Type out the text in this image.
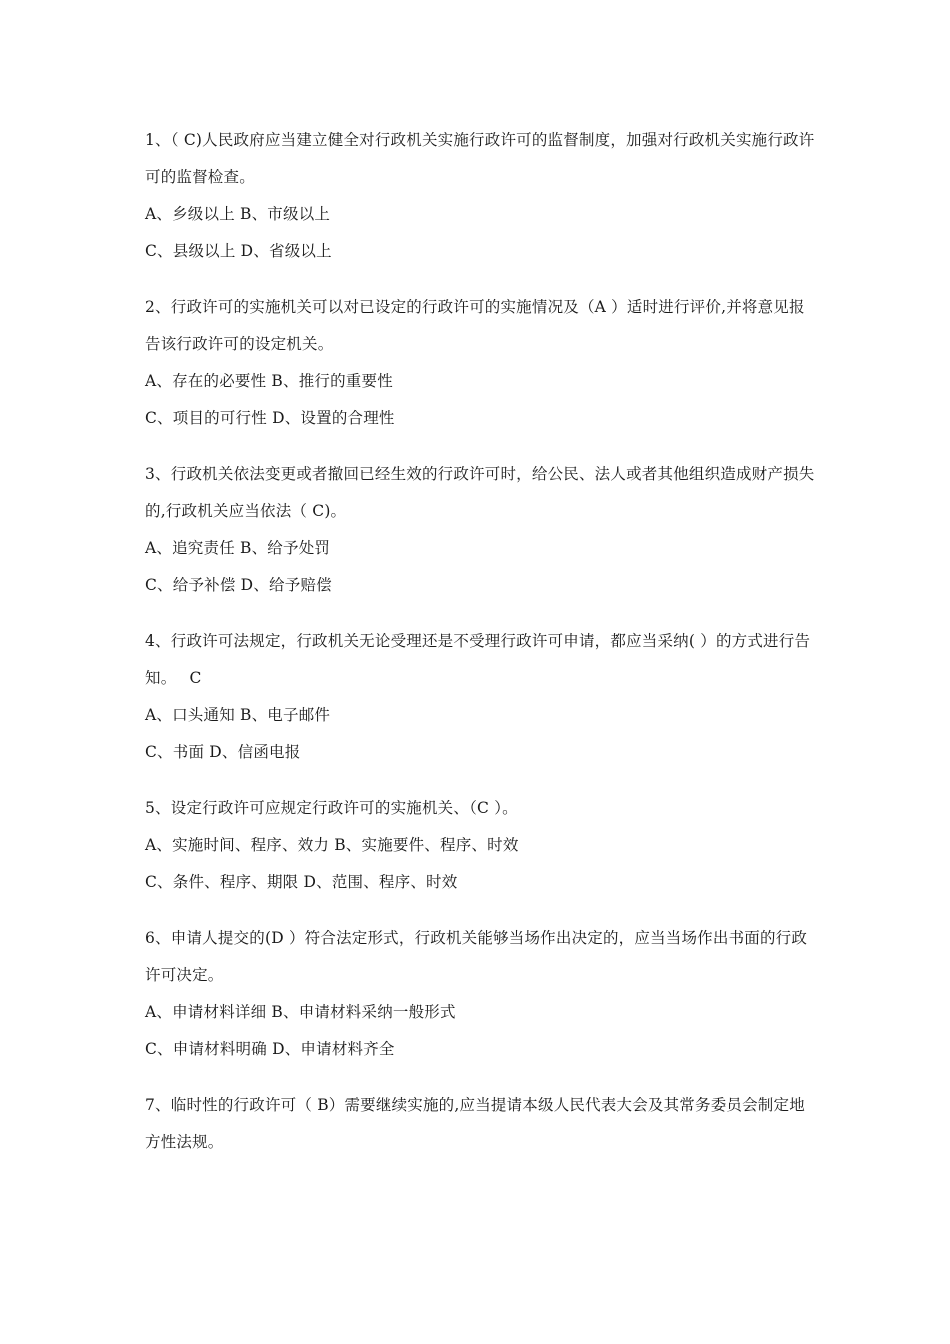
1、（ C)人民政府应当建立健全对行政机关实施行政许可的监督制度，加强对行政机关实施行政许可的监督检查。

A、乡级以上 B、市级以上

C、县级以上 D、省级以上

2、行政许可的实施机关可以对已设定的行政许可的实施情况及（A ）适时进行评价,并将意见报告该行政许可的设定机关。

A、存在的必要性 B、推行的重要性

C、项目的可行性 D、设置的合理性

3、行政机关依法变更或者撤回已经生效的行政许可时，给公民、法人或者其他组织造成财产损失的,行政机关应当依法（ C)。

A、追究责任 B、给予处罚

C、给予补偿 D、给予赔偿

4、行政许可法规定，行政机关无论受理还是不受理行政许可申请，都应当采纳( ）的方式进行告知。　 C

A、口头通知 B、电子邮件

C、书面 D、信函电报

5、设定行政许可应规定行政许可的实施机关、（C ）。

A、实施时间、程序、效力 B、实施要件、程序、时效

C、条件、程序、期限 D、范围、程序、时效

6、申请人提交的(D ）符合法定形式，行政机关能够当场作出决定的，应当当场作出书面的行政许可决定。

A、申请材料详细 B、申请材料采纳一般形式

C、申请材料明确 D、申请材料齐全

7、临时性的行政许可（ B）需要继续实施的,应当提请本级人民代表大会及其常务委员会制定地方性法规。
